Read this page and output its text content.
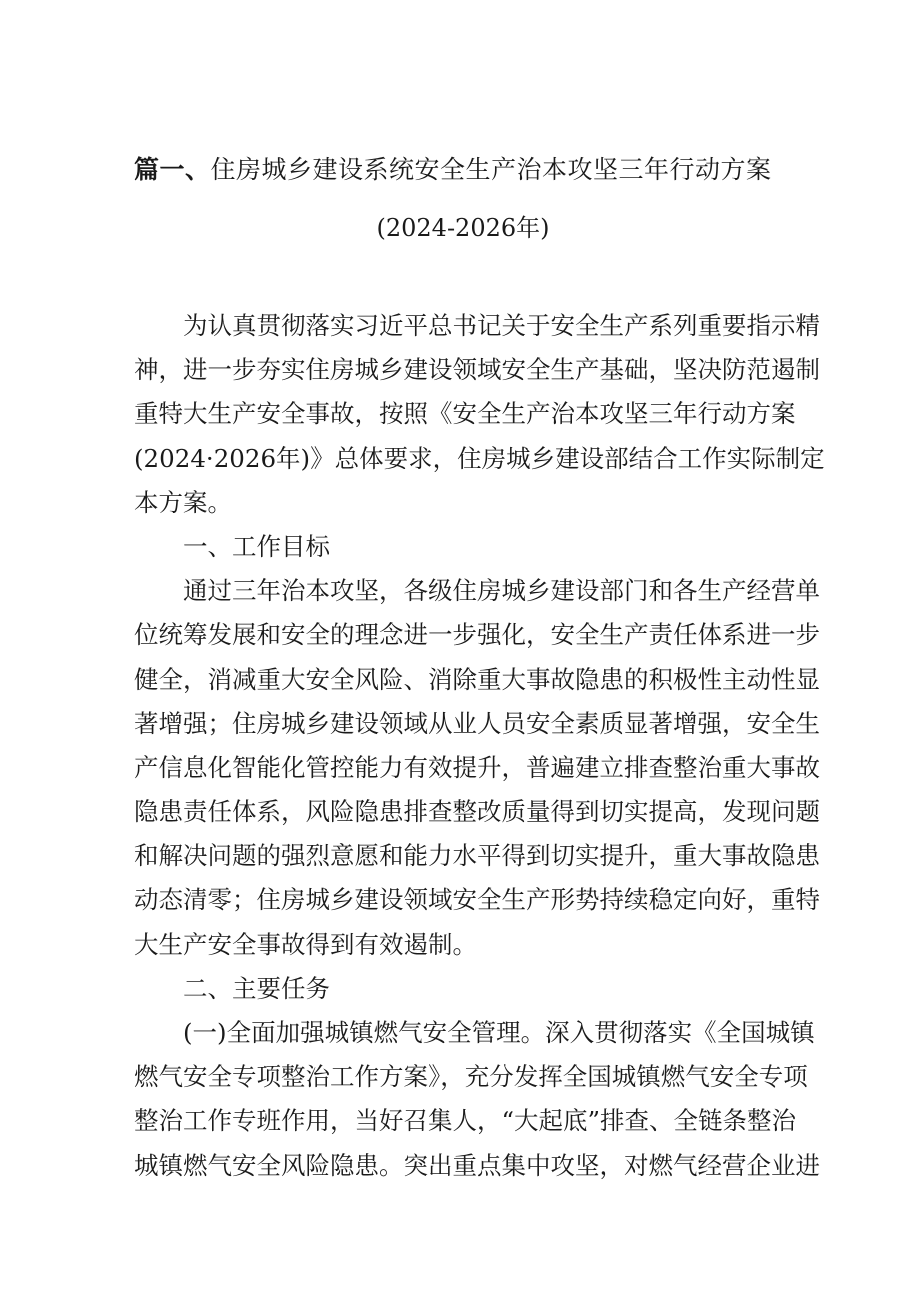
篇一、住房城乡建设系统安全生产治本攻坚三年行动方案
(2024-2026年)
为认真贯彻落实习近平总书记关于安全生产系列重要指示精
神，进一步夯实住房城乡建设领域安全生产基础，坚决防范遏制
重特大生产安全事故，按照《安全生产治本攻坚三年行动方案
(2024·2026年)》总体要求，住房城乡建设部结合工作实际制定
本方案。
一、工作目标
通过三年治本攻坚，各级住房城乡建设部门和各生产经营单
位统筹发展和安全的理念进一步强化，安全生产责任体系进一步
健全，消减重大安全风险、消除重大事故隐患的积极性主动性显
著增强；住房城乡建设领域从业人员安全素质显著增强，安全生
产信息化智能化管控能力有效提升，普遍建立排查整治重大事故
隐患责任体系，风险隐患排查整改质量得到切实提高，发现问题
和解决问题的强烈意愿和能力水平得到切实提升，重大事故隐患
动态清零；住房城乡建设领域安全生产形势持续稳定向好，重特
大生产安全事故得到有效遏制。
二、主要任务
(一)全面加强城镇燃气安全管理。深入贯彻落实《全国城镇
燃气安全专项整治工作方案》，充分发挥全国城镇燃气安全专项
整治工作专班作用，当好召集人，“大起底”排查、全链条整治
城镇燃气安全风险隐患。突出重点集中攻坚，对燃气经营企业进
